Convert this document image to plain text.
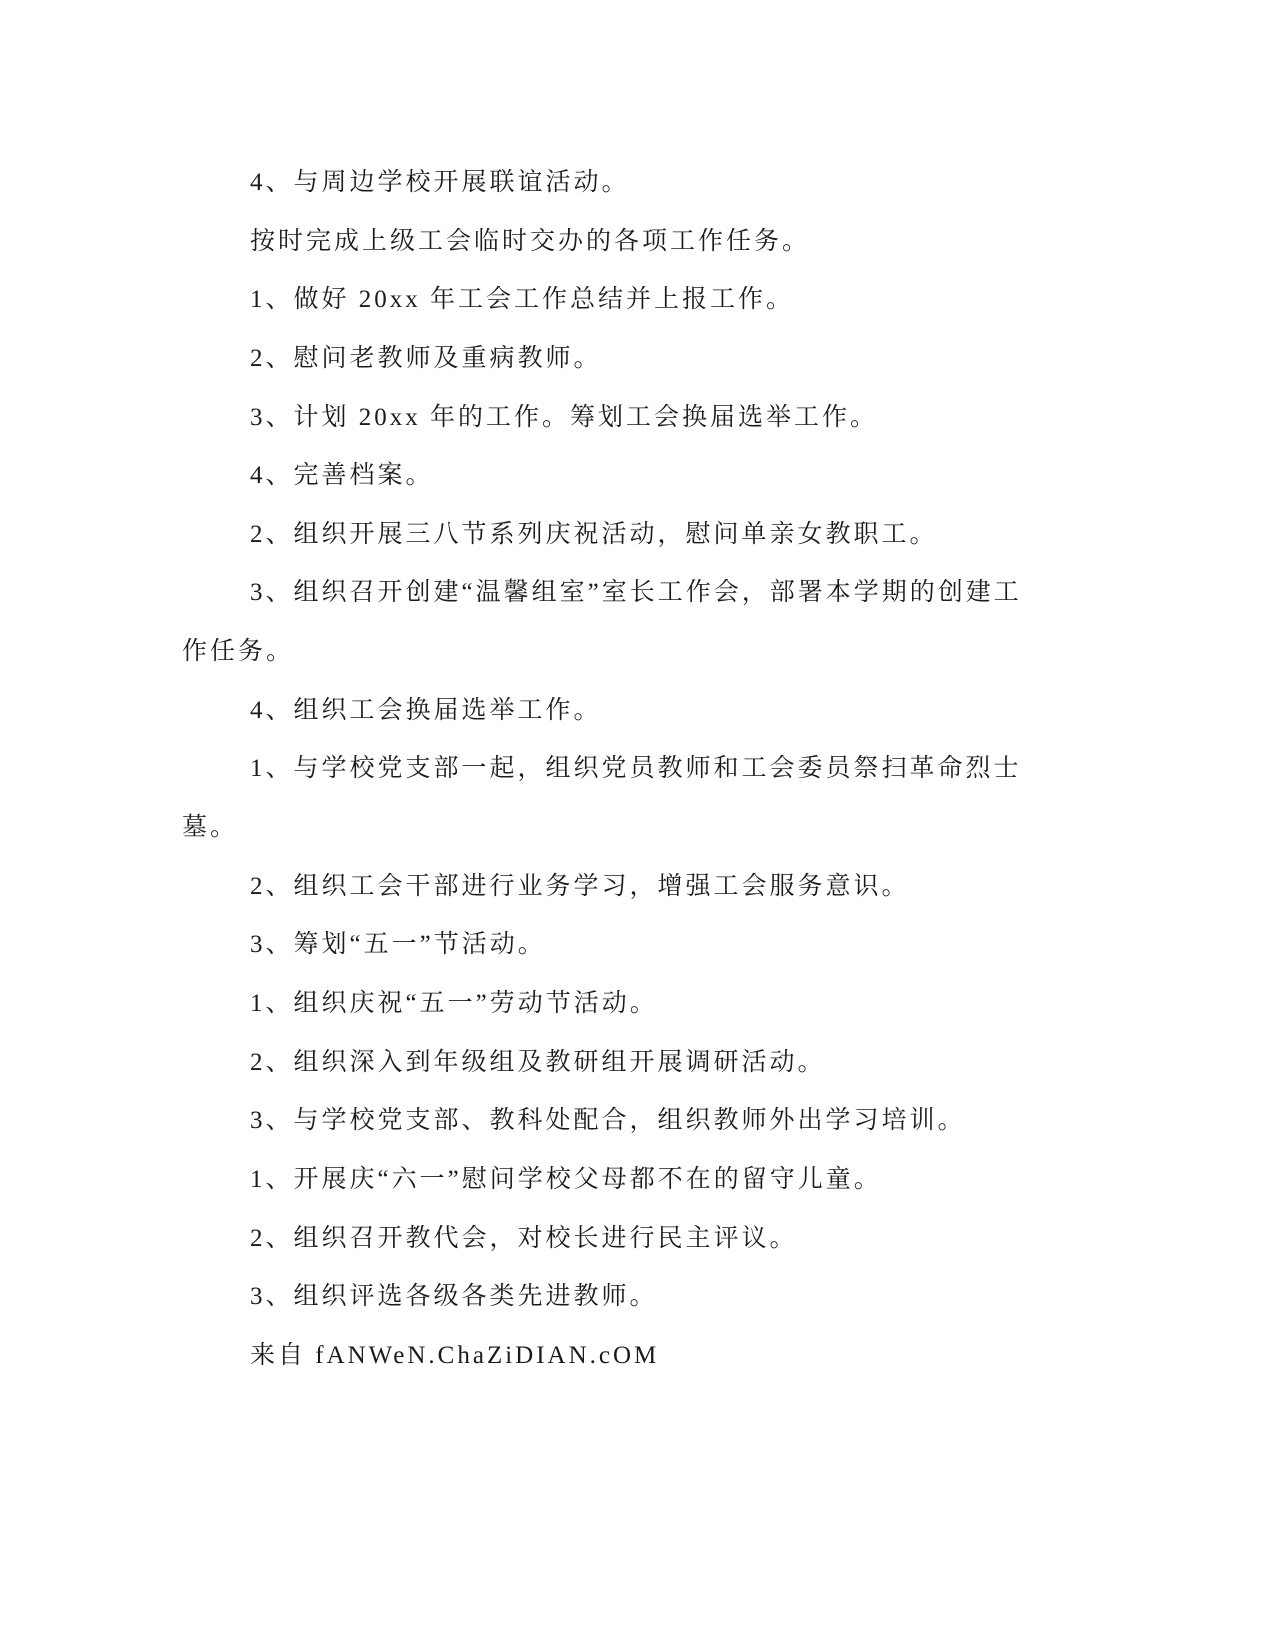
4、与周边学校开展联谊活动。
按时完成上级工会临时交办的各项工作任务。
1、做好 20xx 年工会工作总结并上报工作。
2、慰问老教师及重病教师。
3、计划 20xx 年的工作。筹划工会换届选举工作。
4、完善档案。
2、组织开展三八节系列庆祝活动，慰问单亲女教职工。
3、组织召开创建“温馨组室”室长工作会，部署本学期的创建工
作任务。
4、组织工会换届选举工作。
1、与学校党支部一起，组织党员教师和工会委员祭扫革命烈士
墓。
2、组织工会干部进行业务学习，增强工会服务意识。
3、筹划“五一”节活动。
1、组织庆祝“五一”劳动节活动。
2、组织深入到年级组及教研组开展调研活动。
3、与学校党支部、教科处配合，组织教师外出学习培训。
1、开展庆“六一”慰问学校父母都不在的留守儿童。
2、组织召开教代会，对校长进行民主评议。
3、组织评选各级各类先进教师。
来自 fANWeN.ChaZiDIAN.cOM
